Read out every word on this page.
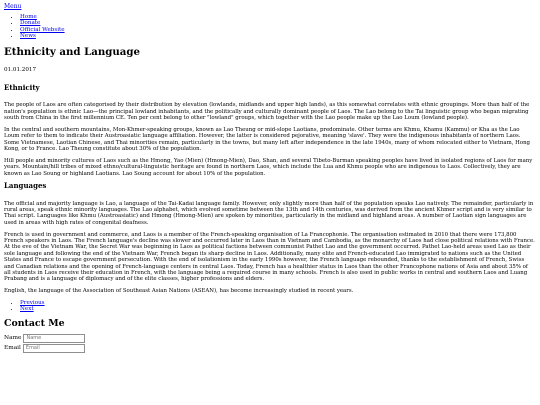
Menu
• Home
• Donate
• Official Website
• News
Ethnicity and Language
01.01.2017
Ethnicity

The people of Laos are often categorised by their distribution by elevation (lowlands, midlands and upper high lands), as this somewhat correlates with ethnic groupings. More than half of the nation's population is ethnic Lao—the principal lowland inhabitants, and the politically and culturally dominant people of Laos. The Lao belong to the Tai linguistic group who began migrating south from China in the first millennium CE. Ten per cent belong to other "lowland" groups, which together with the Lao people make up the Lao Loum (lowland people).

In the central and southern mountains, Mon-Khmer-speaking groups, known as Lao Theung or mid-slope Laotians, predominate. Other terms are Khmu, Khamu (Kammu) or Kha as the Lao Loum refer to them to indicate their Austroasiatic language affiliation. However, the latter is considered pejorative, meaning 'slave'. They were the indigenous inhabitants of northern Laos. Some Vietnamese, Laotian Chinese, and Thai minorities remain, particularly in the towns, but many left after independence in the late 1940s, many of whom relocated either to Vietnam, Hong Kong, or to France. Lao Theung constitute about 30% of the population.

Hill people and minority cultures of Laos such as the Hmong, Yao (Mien) (Hmong-Mien), Dao, Shan, and several Tibeto-Burman speaking peoples have lived in isolated regions of Laos for many years. Mountain/hill tribes of mixed ethno/cultural-linguistic heritage are found in northern Laos, which include the Lua and Khmu people who are indigenous to Laos. Collectively, they are known as Lao Soung or highland Laotians. Lao Soung account for about 10% of the population.

Languages

The official and majority language is Lao, a language of the Tai-Kadai language family. However, only slightly more than half of the population speaks Lao natively. The remainder, particularly in rural areas, speak ethnic minority languages. The Lao alphabet, which evolved sometime between the 13th and 14th centuries, was derived from the ancient Khmer script and is very similar to Thai script. Languages like Khmu (Austroasiatic) and Hmong (Hmong-Mien) are spoken by minorities, particularly in the midland and highland areas. A number of Laotian sign languages are used in areas with high rates of congenital deafness.

French is used in government and commerce, and Laos is a member of the French-speaking organisation of La Francophonie. The organisation estimated in 2010 that there were 173,800 French speakers in Laos. The French language's decline was slower and occurred later in Laos than in Vietnam and Cambodia, as the monarchy of Laos had close political relations with France. At the eve of the Vietnam War, the Secret War was beginning in Laos as political factions between communist Pathet Lao and the government occurred. Pathet Lao-held areas used Lao as their sole language and following the end of the Vietnam War, French began its sharp decline in Laos. Additionally, many elite and French-educated Lao immigrated to nations such as the United States and France to escape government persecution. With the end of isolationism in the early 1990s however, the French language rebounded, thanks to the establishment of French, Swiss and Canadian relations and the opening of French-language centers in central Laos. Today, French has a healthier status in Laos than the other Francophone nations of Asia and about 35% of all students in Laos receive their education in French, with the language being a required course in many schools. French is also used in public works in central and southern Laos and Luang Prabang and is a language of diplomacy and of the elite classes, higher professions and elders.

English, the language of the Association of Southeast Asian Nations (ASEAN), has become increasingly studied in recent years.

• Previous
• Next
Contact Me
Name
Name
Email
Email
